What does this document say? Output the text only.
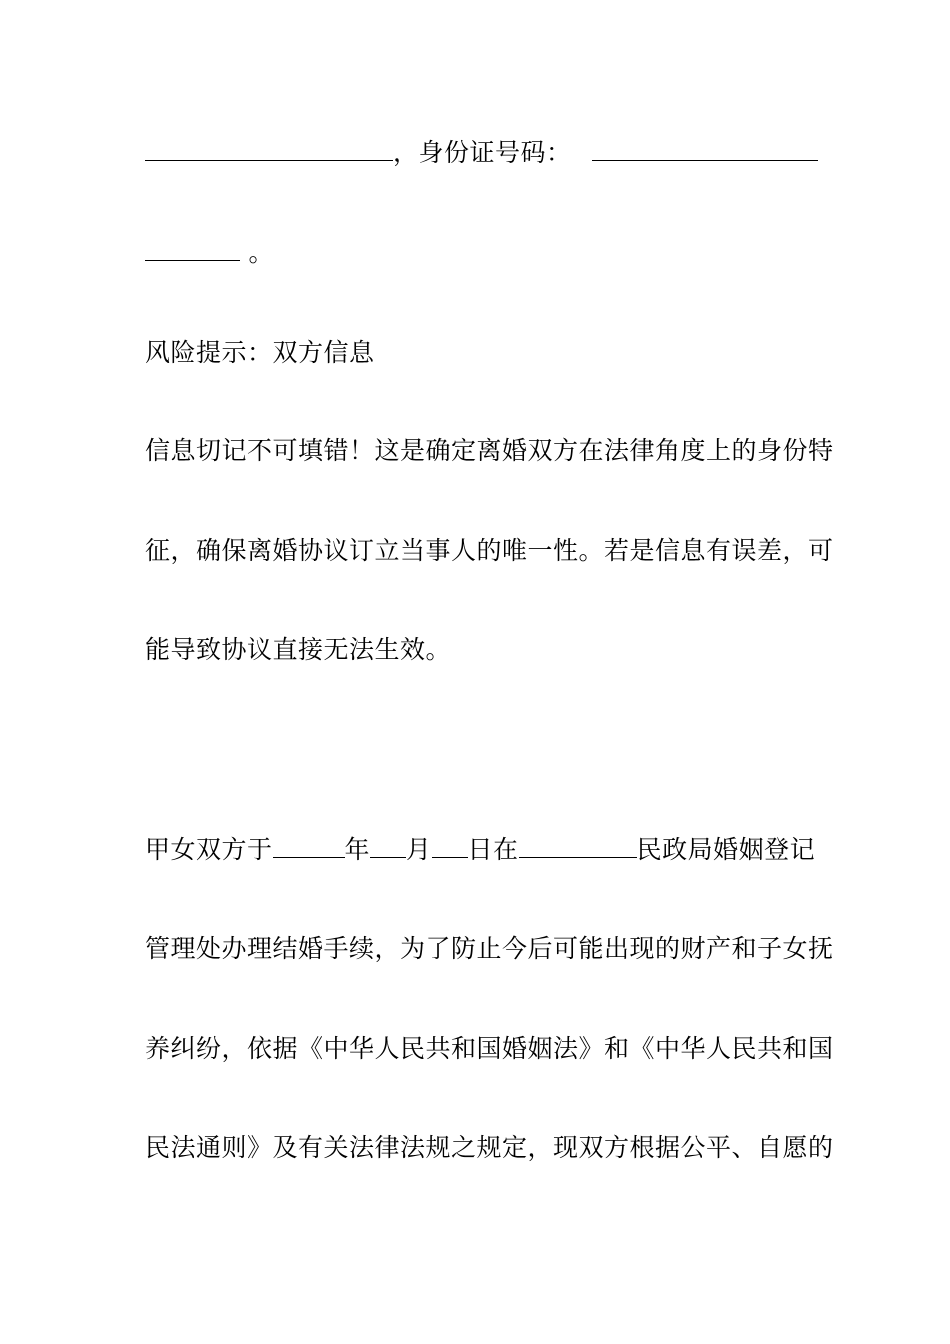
，身份证号码：
。
风险提示：双方信息
信息切记不可填错！这是确定离婚双方在法律角度上的身份特
征，确保离婚协议订立当事人的唯一性。若是信息有误差，可
能导致协议直接无法生效。
甲女双方于	年 月 日在	民政局婚姻登记
管理处办理结婚手续，为了防止今后可能出现的财产和子女抚
养纠纷，依据《中华人民共和国婚姻法》和《中华人民共和国
民法通则》及有关法律法规之规定，现双方根据公平、自愿的
